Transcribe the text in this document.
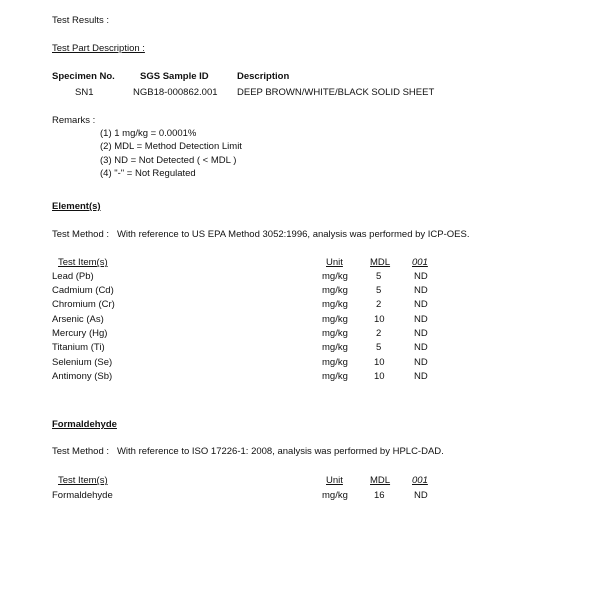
Test Results :
Test Part Description :
Specimen No.	SGS Sample ID	Description
SN1	NGB18-000862.001 DEEP BROWN/WHITE/BLACK SOLID SHEET
Remarks :
(1) 1 mg/kg = 0.0001%
(2) MDL = Method Detection Limit
(3) ND = Not Detected ( < MDL )
(4) "-" = Not Regulated
Element(s)
Test Method :   With reference to US EPA Method 3052:1996, analysis was performed by ICP-OES.
Test Item(s)	Unit	MDL 001
Lead (Pb)	mg/kg	5	ND
Cadmium (Cd)	mg/kg	5	ND
Chromium (Cr)	mg/kg	2	ND
Arsenic (As)	mg/kg	10	ND
Mercury (Hg)	mg/kg	2	ND
Titanium (Ti)	mg/kg	5	ND
Selenium (Se)	mg/kg	10	ND
Antimony (Sb)	mg/kg	10	ND
Formaldehyde
Test Method :   With reference to ISO 17226-1: 2008, analysis was performed by HPLC-DAD.
Test Item(s)	Unit	MDL 001
Formaldehyde	mg/kg	16	ND
